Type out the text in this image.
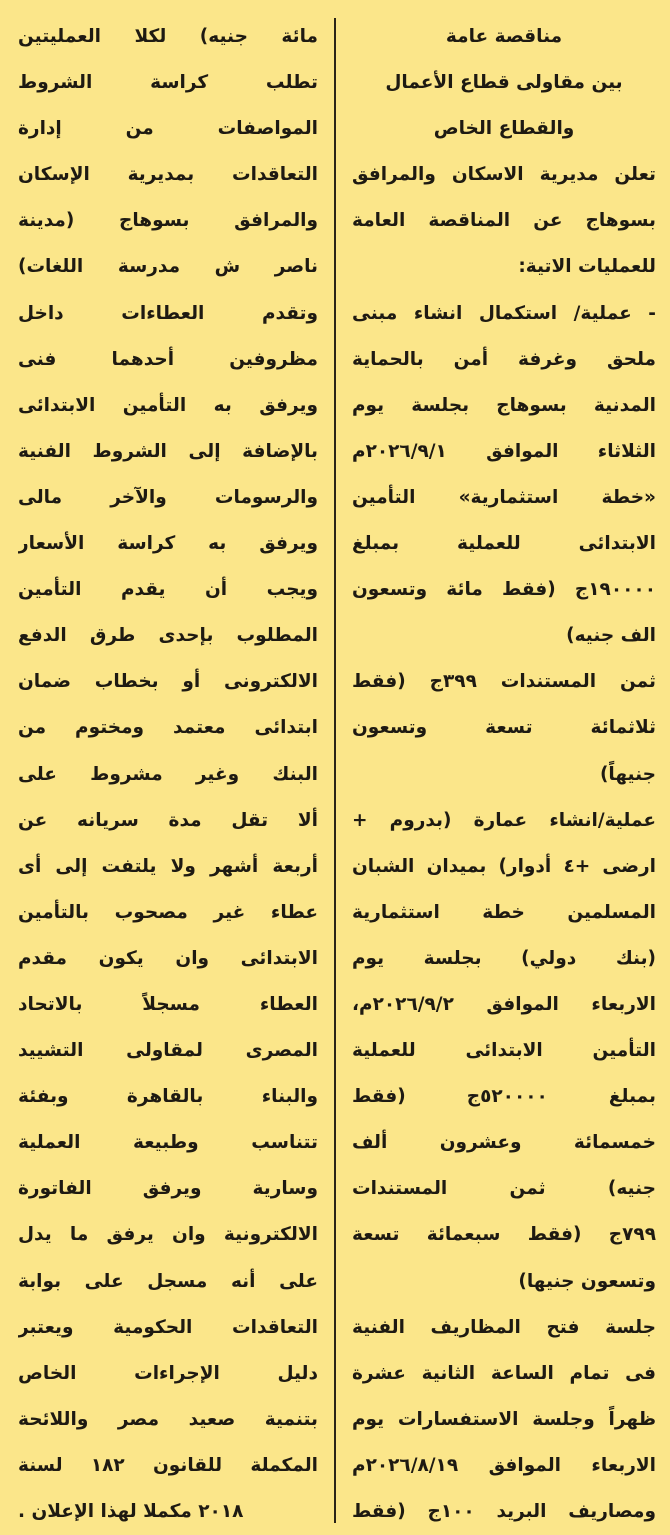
مناقصة عامة
بين مقاولى قطاع الأعمال
والقطاع الخاص
تعلن مديرية الاسكان والمرافق
بسوهاج عن المناقصة العامة
للعمليات الاتية:
- عملية/ استكمال انشاء مبنى
ملحق وغرفة أمن بالحماية
المدنية بسوهاج بجلسة يوم
الثلاثاء الموافق ٢٠٢٦/٩/١م
«خطة استثمارية» التأمين
الابتدائى للعملية بمبلغ
١٩٠٠٠٠ج (فقط مائة وتسعون
الف جنيه)
ثمن المستندات ٣٩٩ج (فقط
ثلاثمائة تسعة وتسعون
جنيهاً)
عملية/انشاء عمارة (بدروم +
ارضى +٤ أدوار) بميدان الشبان
المسلمين خطة استثمارية
(بنك دولي) بجلسة يوم
الاربعاء الموافق ٢٠٢٦/٩/٢م،
التأمين الابتدائى للعملية
بمبلغ ٥٢٠٠٠٠ج (فقط
خمسمائة وعشرون ألف
جنيه) ثمن المستندات
٧٩٩ج (فقط سبعمائة تسعة
وتسعون جنيها)
جلسة فتح المظاريف الفنية
فى تمام الساعة الثانية عشرة
ظهراً وجلسة الاستفسارات يوم
الاربعاء الموافق ٢٠٢٦/٨/١٩م
ومصاريف البريد ١٠٠ج (فقط
مائة جنيه) لكلا العمليتين
تطلب كراسة الشروط
المواصفات من إدارة
التعاقدات بمديرية الإسكان
والمرافق بسوهاج (مدينة
ناصر ش مدرسة اللغات)
وتقدم العطاءات داخل
مظروفين أحدهما فنى
ويرفق به التأمين الابتدائى
بالإضافة إلى الشروط الفنية
والرسومات والآخر مالى
ويرفق به كراسة الأسعار
ويجب أن يقدم التأمين
المطلوب بإحدى طرق الدفع
الالكترونى أو بخطاب ضمان
ابتدائى معتمد ومختوم من
البنك وغير مشروط على
ألا تقل مدة سريانه عن
أربعة أشهر ولا يلتفت إلى أى
عطاء غير مصحوب بالتأمين
الابتدائى وان يكون مقدم
العطاء مسجلاً بالاتحاد
المصرى لمقاولى التشييد
والبناء بالقاهرة وبفئة
تتناسب وطبيعة العملية
وسارية ويرفق الفاتورة
الالكترونية وان يرفق ما يدل
على أنه مسجل على بوابة
التعاقدات الحكومية ويعتبر
دليل الإجراءات الخاص
بتنمية صعيد مصر واللائحة
المكملة للقانون ١٨٢ لسنة
٢٠١٨ مكملا لهذا الإعلان .
